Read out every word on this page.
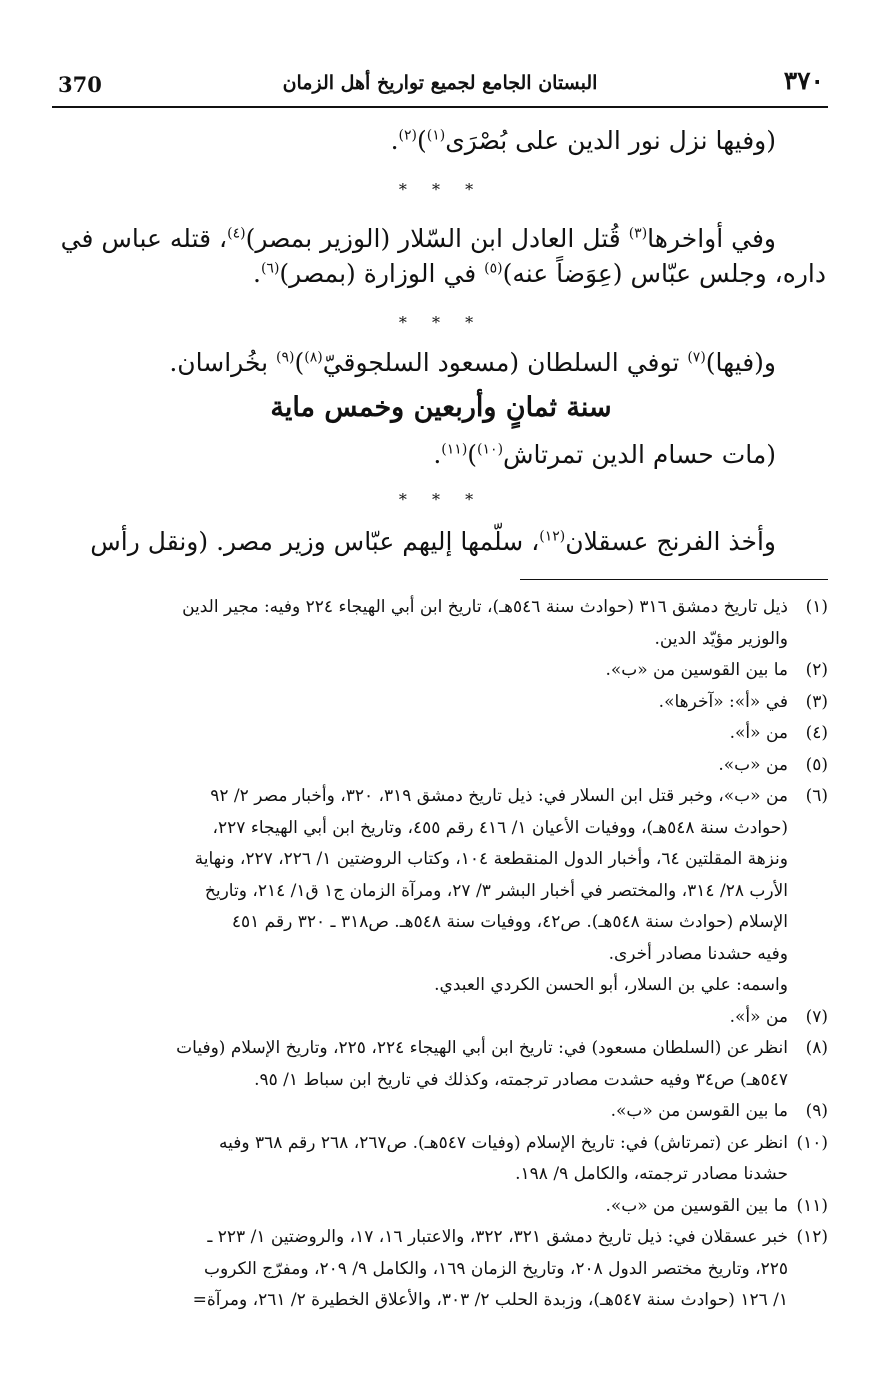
370	البستان الجامع لجميع تواريخ أهل الزمان	٣٧٠
(وفيها نزل نور الدين على بُصْرَى$^{(١)}$)$^{(٢)}$.
* * *
وفي أواخرها$^{(٣)}$ قُتل العادل ابن السّلار (الوزير بمصر)$^{(٤)}$، قتله عباس في
داره، وجلس عبّاس (عِوَضاً عنه)$^{(٥)}$ في الوزارة (بمصر)$^{(٦)}$.
* * *
و(فيها)$^{(٧)}$ توفي السلطان (مسعود السلجوقيّ$^{(٨)}$)$^{(٩)}$ بخُراسان.
سنة ثمانٍ وأربعين وخمس ماية
(مات حسام الدين تمرتاش$^{(١٠)}$)$^{(١١)}$.
* * *
وأخذ الفرنج عسقلان$^{(١٢)}$، سلّمها إليهم عبّاس وزير مصر. (ونقل رأس
(١)
ذيل تاريخ دمشق ٣١٦ (حوادث سنة ٥٤٦هـ)، تاريخ ابن أبي الهيجاء ٢٢٤ وفيه: مجير الدين
والوزير مؤيّد الدين.
(٢)
ما بين القوسين من «ب».
(٣)
في «أ»: «آخرها».
(٤)
من «أ».
(٥)
من «ب».
(٦)
من «ب»، وخبر قتل ابن السلار في: ذيل تاريخ دمشق ٣١٩، ٣٢٠، وأخبار مصر ٢/ ٩٢
(حوادث سنة ٥٤٨هـ)، ووفيات الأعيان ١/ ٤١٦ رقم ٤٥٥، وتاريخ ابن أبي الهيجاء ٢٢٧،
ونزهة المقلتين ٦٤، وأخبار الدول المنقطعة ١٠٤، وكتاب الروضتين ١/ ٢٢٦، ٢٢٧، ونهاية
الأرب ٢٨/ ٣١٤، والمختصر في أخبار البشر ٣/ ٢٧، ومرآة الزمان ج١ ق١/ ٢١٤، وتاريخ
الإسلام (حوادث سنة ٥٤٨هـ). ص٤٢، ووفيات سنة ٥٤٨هـ. ص٣١٨ ـ ٣٢٠ رقم ٤٥١
وفيه حشدنا مصادر أخرى.
واسمه: علي بن السلار، أبو الحسن الكردي العبدي.
(٧)
من «أ».
(٨)
انظر عن (السلطان مسعود) في: تاريخ ابن أبي الهيجاء ٢٢٤، ٢٢٥، وتاريخ الإسلام (وفيات
٥٤٧هـ) ص٣٤ وفيه حشدت مصادر ترجمته، وكذلك في تاريخ ابن سباط ١/ ٩٥.
(٩)
ما بين القوسن من «ب».
(١٠)
انظر عن (تمرتاش) في: تاريخ الإسلام (وفيات ٥٤٧هـ). ص٢٦٧، ٢٦٨ رقم ٣٦٨ وفيه
حشدنا مصادر ترجمته، والكامل ٩/ ١٩٨.
(١١)
ما بين القوسين من «ب».
(١٢)
خبر عسقلان في: ذيل تاريخ دمشق ٣٢١، ٣٢٢، والاعتبار ١٦، ١٧، والروضتين ١/ ٢٢٣ ـ
٢٢٥، وتاريخ مختصر الدول ٢٠٨، وتاريخ الزمان ١٦٩، والكامل ٩/ ٢٠٩، ومفرّج الكروب
١/ ١٢٦ (حوادث سنة ٥٤٧هـ)، وزبدة الحلب ٢/ ٣٠٣، والأعلاق الخطيرة ٢/ ٢٦١، ومرآة=
